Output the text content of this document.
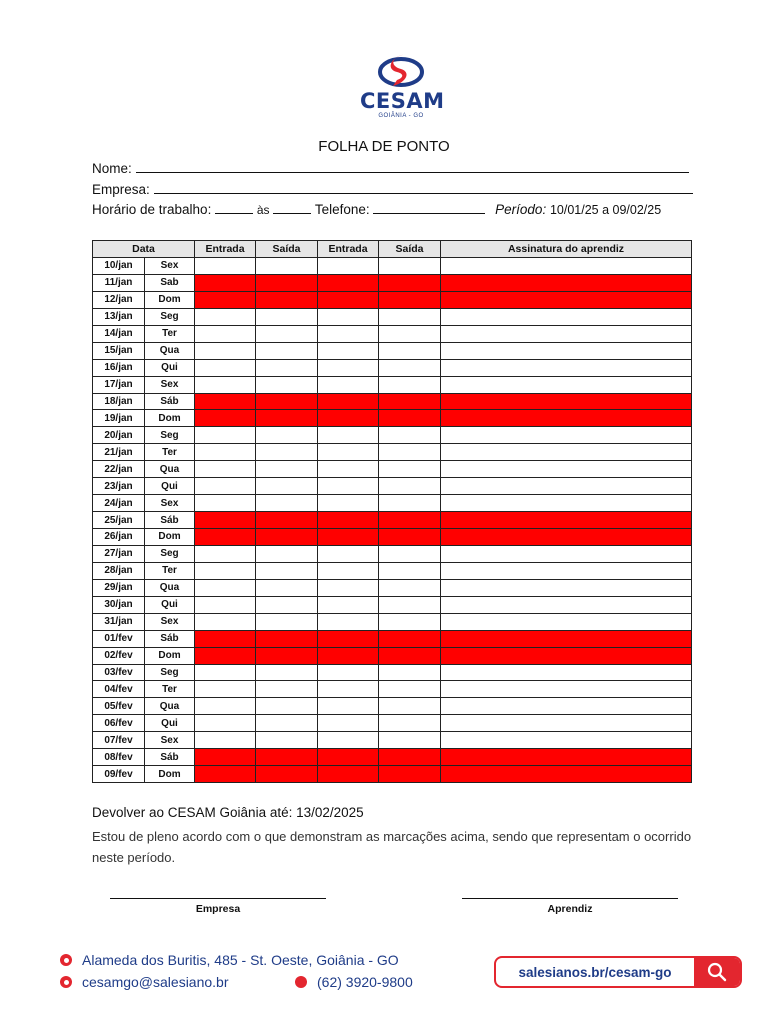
CESAM
GOIÂNIA - GO
FOLHA DE PONTO
Nome:
Empresa:
Horário de trabalho:	às	Telefone:	Período: 10/01/25 a 09/02/25
Data		Entrada	Saída	Entrada	Saída	Assinatura do aprendiz
10/jan	Sex					
11/jan	Sab					
12/jan	Dom					
13/jan	Seg					
14/jan	Ter					
15/jan	Qua					
16/jan	Qui					
17/jan	Sex					
18/jan	Sáb					
19/jan	Dom					
20/jan	Seg					
21/jan	Ter					
22/jan	Qua					
23/jan	Qui					
24/jan	Sex					
25/jan	Sáb					
26/jan	Dom					
27/jan	Seg					
28/jan	Ter					
29/jan	Qua					
30/jan	Qui					
31/jan	Sex					
01/fev	Sáb					
02/fev	Dom					
03/fev	Seg					
04/fev	Ter					
05/fev	Qua					
06/fev	Qui					
07/fev	Sex					
08/fev	Sáb					
09/fev	Dom					
Devolver ao CESAM Goiânia até: 13/02/2025
Estou de pleno acordo com o que demonstram as marcações acima, sendo que representam o ocorrido neste período.
Empresa	Aprendiz
Alameda dos Buritis, 485 - St. Oeste, Goiânia - GO
cesamgo@salesiano.br	(62) 3920-9800
salesianos.br/cesam-go
